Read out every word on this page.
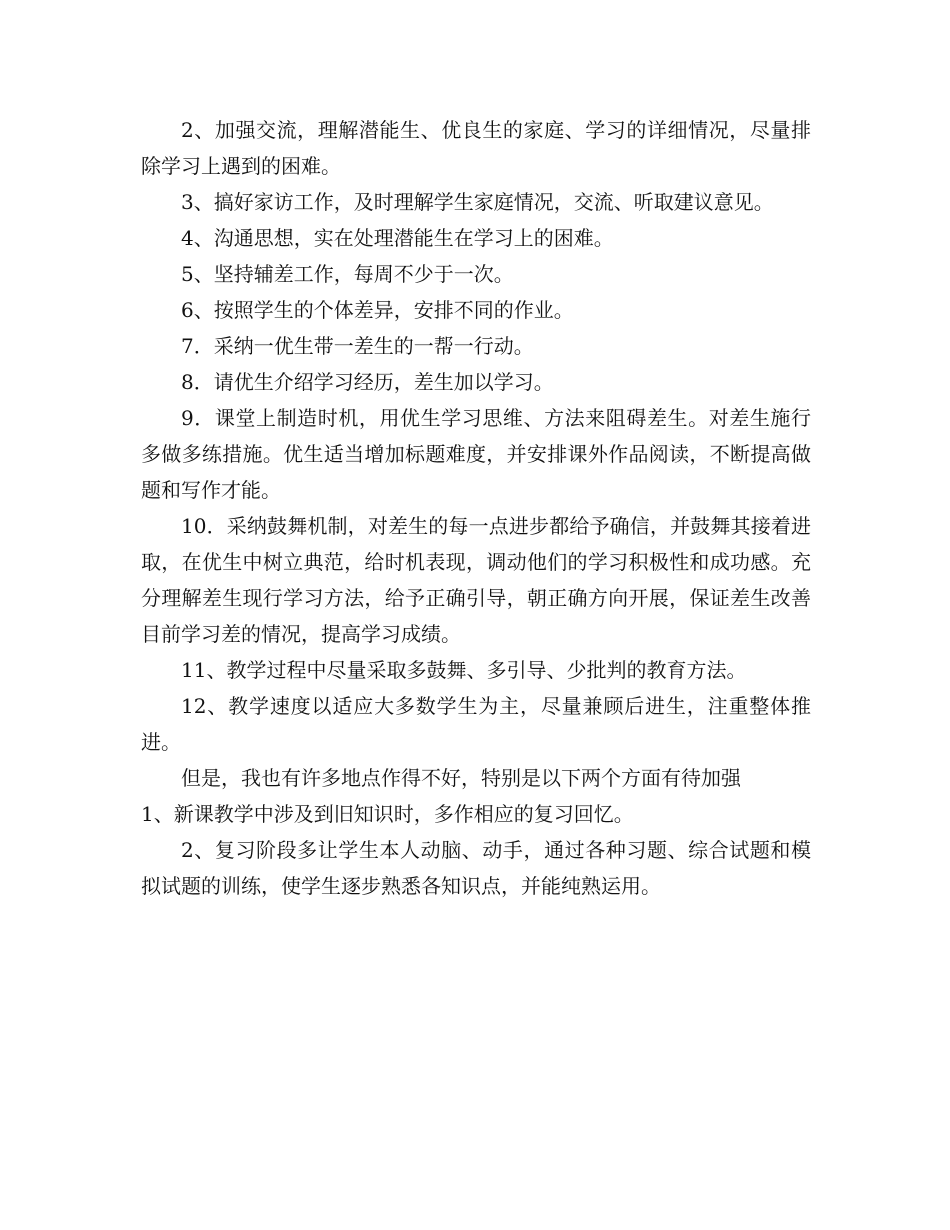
2、加强交流，理解潜能生、优良生的家庭、学习的详细情况，尽量排除学习上遇到的困难。

3、搞好家访工作，及时理解学生家庭情况，交流、听取建议意见。

4、沟通思想，实在处理潜能生在学习上的困难。

5、坚持辅差工作，每周不少于一次。

6、按照学生的个体差异，安排不同的作业。

7．采纳一优生带一差生的一帮一行动。

8．请优生介绍学习经历，差生加以学习。

9．课堂上制造时机，用优生学习思维、方法来阻碍差生。对差生施行多做多练措施。优生适当增加标题难度，并安排课外作品阅读，不断提高做题和写作才能。

10．采纳鼓舞机制，对差生的每一点进步都给予确信，并鼓舞其接着进取，在优生中树立典范，给时机表现，调动他们的学习积极性和成功感。充分理解差生现行学习方法，给予正确引导，朝正确方向开展，保证差生改善目前学习差的情况，提高学习成绩。

11、教学过程中尽量采取多鼓舞、多引导、少批判的教育方法。

12、教学速度以适应大多数学生为主，尽量兼顾后进生，注重整体推进。

但是，我也有许多地点作得不好，特别是以下两个方面有待加强

1、新课教学中涉及到旧知识时，多作相应的复习回忆。

2、复习阶段多让学生本人动脑、动手，通过各种习题、综合试题和模拟试题的训练，使学生逐步熟悉各知识点，并能纯熟运用。
